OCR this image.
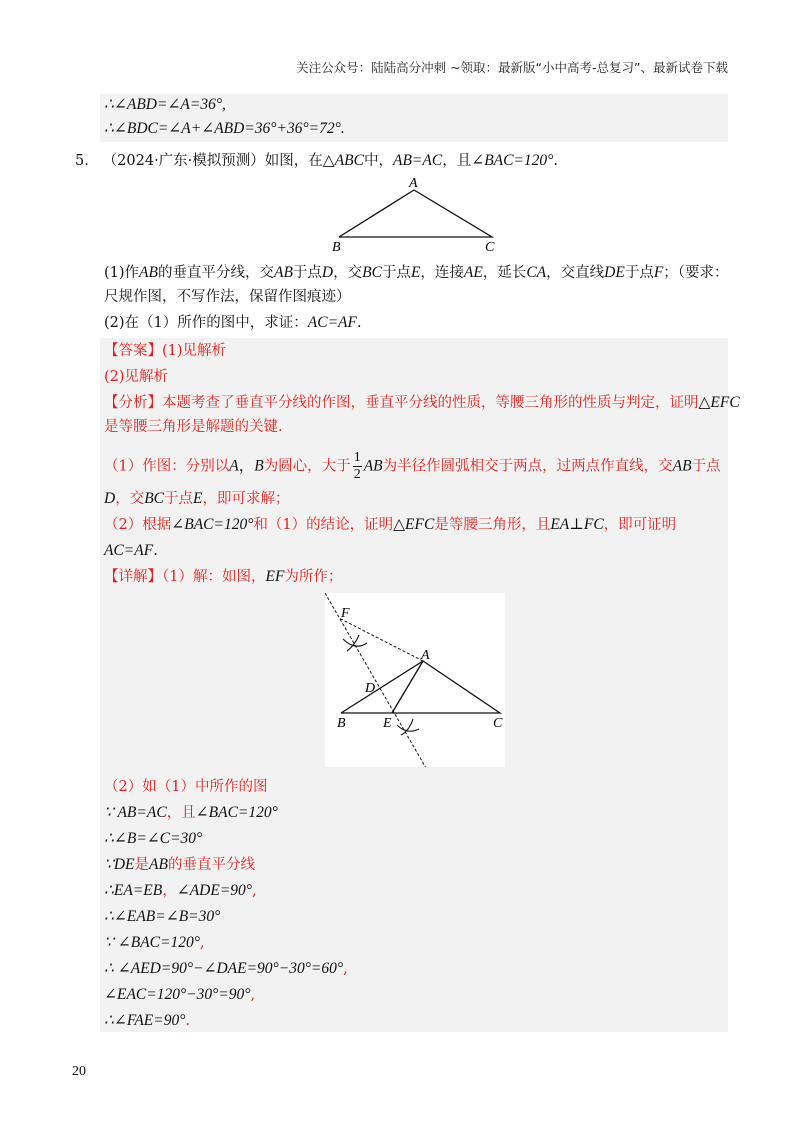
关注公众号：陆陆高分冲刺 ~领取：最新版“小中高考-总复习”、最新试卷下载
∴∠ABD=∠A=36°,
∴∠BDC=∠A+∠ABD=36°+36°=72°.
5. （2024·广东·模拟预测）如图，在△ABC中，AB=AC，且∠BAC=120°.
A
B	C
(1)作AB的垂直平分线，交AB于点D，交BC于点E，连接AE，延长CA，交直线DE于点F；（要求：
尺规作图，不写作法，保留作图痕迹）
(2)在（1）所作的图中，求证：AC=AF.
【答案】(1)见解析
(2)见解析
【分析】本题考查了垂直平分线的作图，垂直平分线的性质，等腰三角形的性质与判定，证明△EFC
是等腰三角形是解题的关键.
（1）作图：分别以A，B为圆心，大于 $\frac{1}{2}$ AB为半径作圆弧相交于两点，过两点作直线，交AB于点
D，交BC于点E，即可求解；
（2）根据∠BAC=120°和（1）的结论，证明△EFC是等腰三角形，且EA⊥FC，即可证明
AC=AF.
【详解】（1）解：如图，EF为所作；
F
A
D
B	E	C
（2）如（1）中所作的图
∵ AB=AC，且∠BAC=120°
∴∠B=∠C=30°
∵DE是AB的垂直平分线
∴EA=EB，∠ADE=90°,
∴∠EAB=∠B=30°
∵ ∠BAC=120°,
∴ ∠AED=90°−∠DAE=90°−30°=60°,
∠EAC=120°−30°=90°,
∴∠FAE=90°.
20
